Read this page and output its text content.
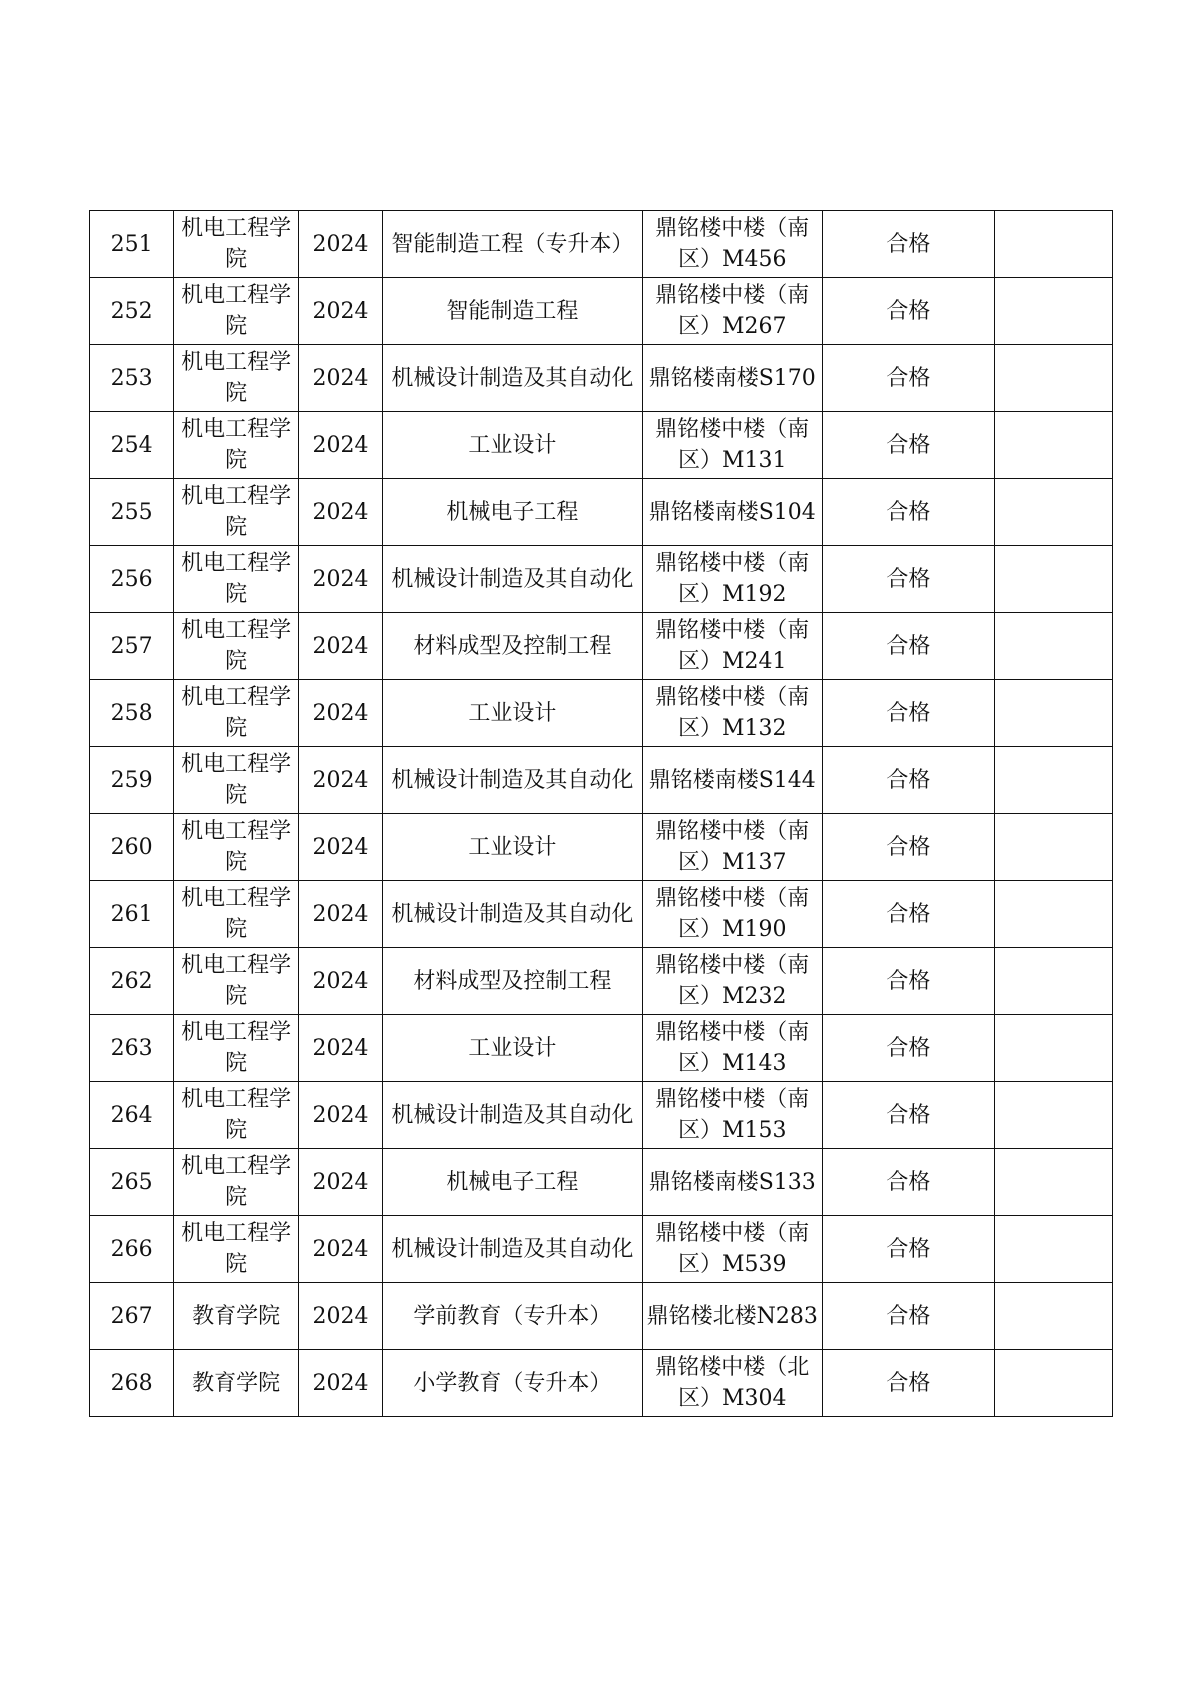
251	机电工程学院	2024	智能制造工程（专升本）	鼎铭楼中楼（南区）M456	合格	
252	机电工程学院	2024	智能制造工程	鼎铭楼中楼（南区）M267	合格	
253	机电工程学院	2024	机械设计制造及其自动化	鼎铭楼南楼S170	合格	
254	机电工程学院	2024	工业设计	鼎铭楼中楼（南区）M131	合格	
255	机电工程学院	2024	机械电子工程	鼎铭楼南楼S104	合格	
256	机电工程学院	2024	机械设计制造及其自动化	鼎铭楼中楼（南区）M192	合格	
257	机电工程学院	2024	材料成型及控制工程	鼎铭楼中楼（南区）M241	合格	
258	机电工程学院	2024	工业设计	鼎铭楼中楼（南区）M132	合格	
259	机电工程学院	2024	机械设计制造及其自动化	鼎铭楼南楼S144	合格	
260	机电工程学院	2024	工业设计	鼎铭楼中楼（南区）M137	合格	
261	机电工程学院	2024	机械设计制造及其自动化	鼎铭楼中楼（南区）M190	合格	
262	机电工程学院	2024	材料成型及控制工程	鼎铭楼中楼（南区）M232	合格	
263	机电工程学院	2024	工业设计	鼎铭楼中楼（南区）M143	合格	
264	机电工程学院	2024	机械设计制造及其自动化	鼎铭楼中楼（南区）M153	合格	
265	机电工程学院	2024	机械电子工程	鼎铭楼南楼S133	合格	
266	机电工程学院	2024	机械设计制造及其自动化	鼎铭楼中楼（南区）M539	合格	
267	教育学院	2024	学前教育（专升本）	鼎铭楼北楼N283	合格	
268	教育学院	2024	小学教育（专升本）	鼎铭楼中楼（北区）M304	合格	
